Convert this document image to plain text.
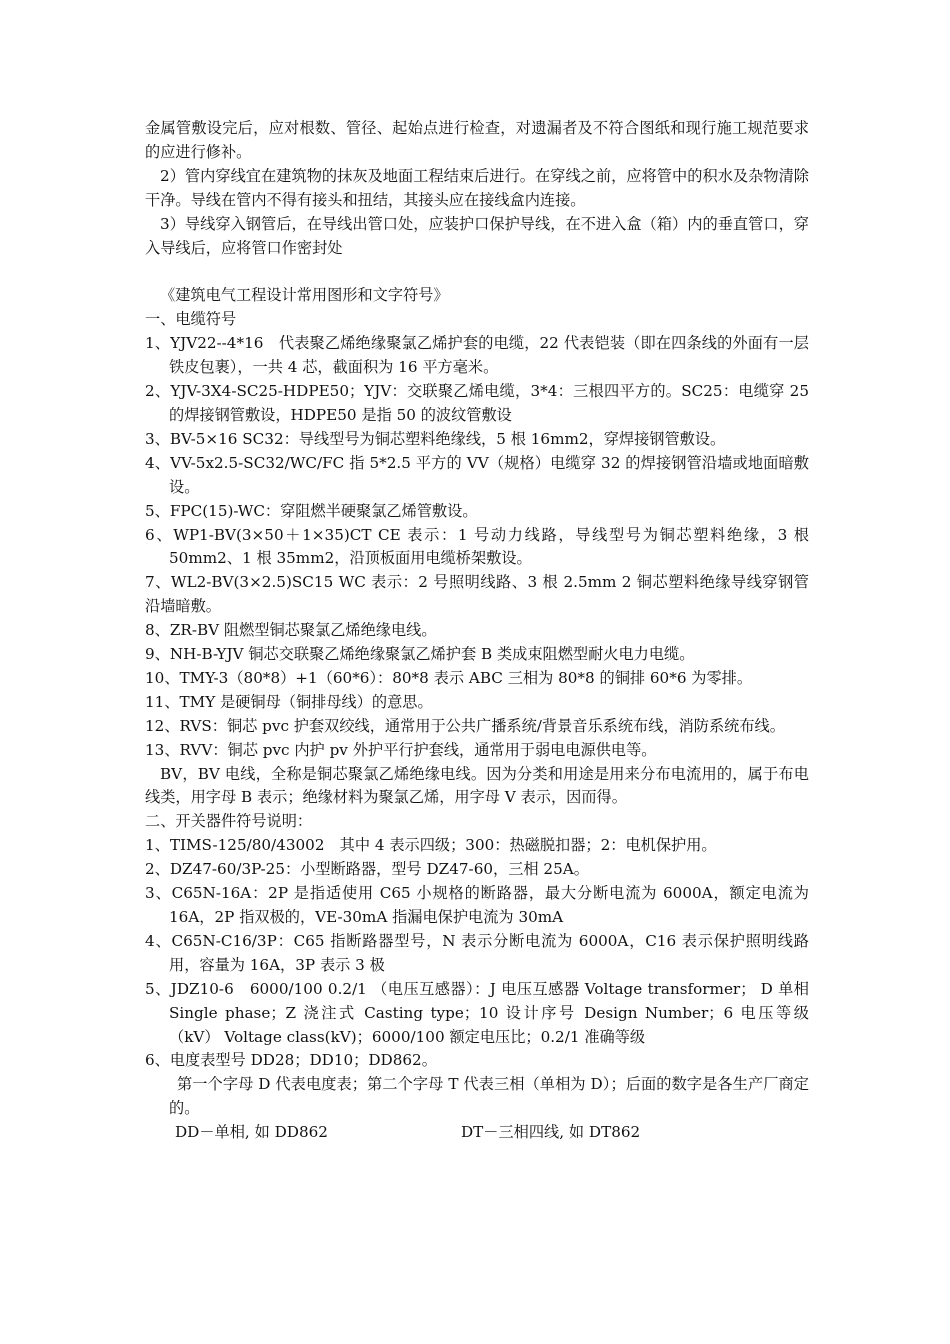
金属管敷设完后，应对根数、管径、起始点进行检查，对遗漏者及不符合图纸和现行施工规范要求的应进行修补。

2）管内穿线宜在建筑物的抹灰及地面工程结束后进行。在穿线之前，应将管中的积水及杂物清除干净。导线在管内不得有接头和扭结，其接头应在接线盒内连接。

3）导线穿入钢管后，在导线出管口处，应装护口保护导线，在不进入盒（箱）内的垂直管口，穿入导线后，应将管口作密封处

《建筑电气工程设计常用图形和文字符号》

一、电缆符号

1、YJV22--4*16　代表聚乙烯绝缘聚氯乙烯护套的电缆，22 代表铠装（即在四条线的外面有一层铁皮包裹），一共 4 芯，截面积为 16 平方毫米。

2、YJV-3X4-SC25-HDPE50；YJV：交联聚乙烯电缆，3*4：三根四平方的。SC25：电缆穿 25 的焊接钢管敷设，HDPE50 是指 50 的波纹管敷设

3、BV-5×16 SC32：导线型号为铜芯塑料绝缘线，5 根 16mm2，穿焊接钢管敷设。

4、VV-5x2.5-SC32/WC/FC 指 5*2.5 平方的 VV（规格）电缆穿 32 的焊接钢管沿墙或地面暗敷设。

5、FPC(15)-WC：穿阻燃半硬聚氯乙烯管敷设。

6、WP1-BV(3×50＋1×35)CT CE 表示：1 号动力线路，导线型号为铜芯塑料绝缘，3 根 50mm2、1 根 35mm2，沿顶板面用电缆桥架敷设。

7、WL2-BV(3×2.5)SC15 WC 表示：2 号照明线路、3 根 2.5mm 2 铜芯塑料绝缘导线穿钢管沿墙暗敷。

8、ZR-BV 阻燃型铜芯聚氯乙烯绝缘电线。

9、NH-B-YJV 铜芯交联聚乙烯绝缘聚氯乙烯护套 B 类成束阻燃型耐火电力电缆。

10、TMY-3（80*8）+1（60*6）：80*8 表示 ABC 三相为 80*8 的铜排 60*6 为零排。

11、TMY 是硬铜母（铜排母线）的意思。

12、RVS：铜芯 pvc 护套双绞线，通常用于公共广播系统/背景音乐系统布线，消防系统布线。

13、RVV：铜芯 pvc 内护 pv 外护平行护套线，通常用于弱电电源供电等。

BV，BV 电线，全称是铜芯聚氯乙烯绝缘电线。因为分类和用途是用来分布电流用的，属于布电线类，用字母 B 表示；绝缘材料为聚氯乙烯，用字母 V 表示，因而得。

二、开关器件符号说明：

1、TIMS-125/80/43002　其中 4 表示四级；300：热磁脱扣器；2：电机保护用。

2、DZ47-60/3P-25：小型断路器，型号 DZ47-60，三相 25A。

3、C65N-16A：2P 是指适使用 C65 小规格的断路器，最大分断电流为 6000A，额定电流为 16A，2P 指双极的，VE-30mA 指漏电保护电流为 30mA

4、C65N-C16/3P：C65 指断路器型号，N 表示分断电流为 6000A，C16 表示保护照明线路用，容量为 16A，3P 表示 3 极

5、JDZ10-6　6000/100 0.2/1 （电压互感器）：J 电压互感器 Voltage transformer； D 单相 Single phase；Z 浇注式 Casting type；10 设计序号 Design Number；6 电压等级（kV） Voltage class(kV)；6000/100 额定电压比；0.2/1 准确等级

6、电度表型号 DD28；DD10；DD862。

第一个字母 D 代表电度表；第二个字母 T 代表三相（单相为 D）；后面的数字是各生产厂商定的。

DD－单相, 如 DD862	DT－三相四线, 如 DT862
